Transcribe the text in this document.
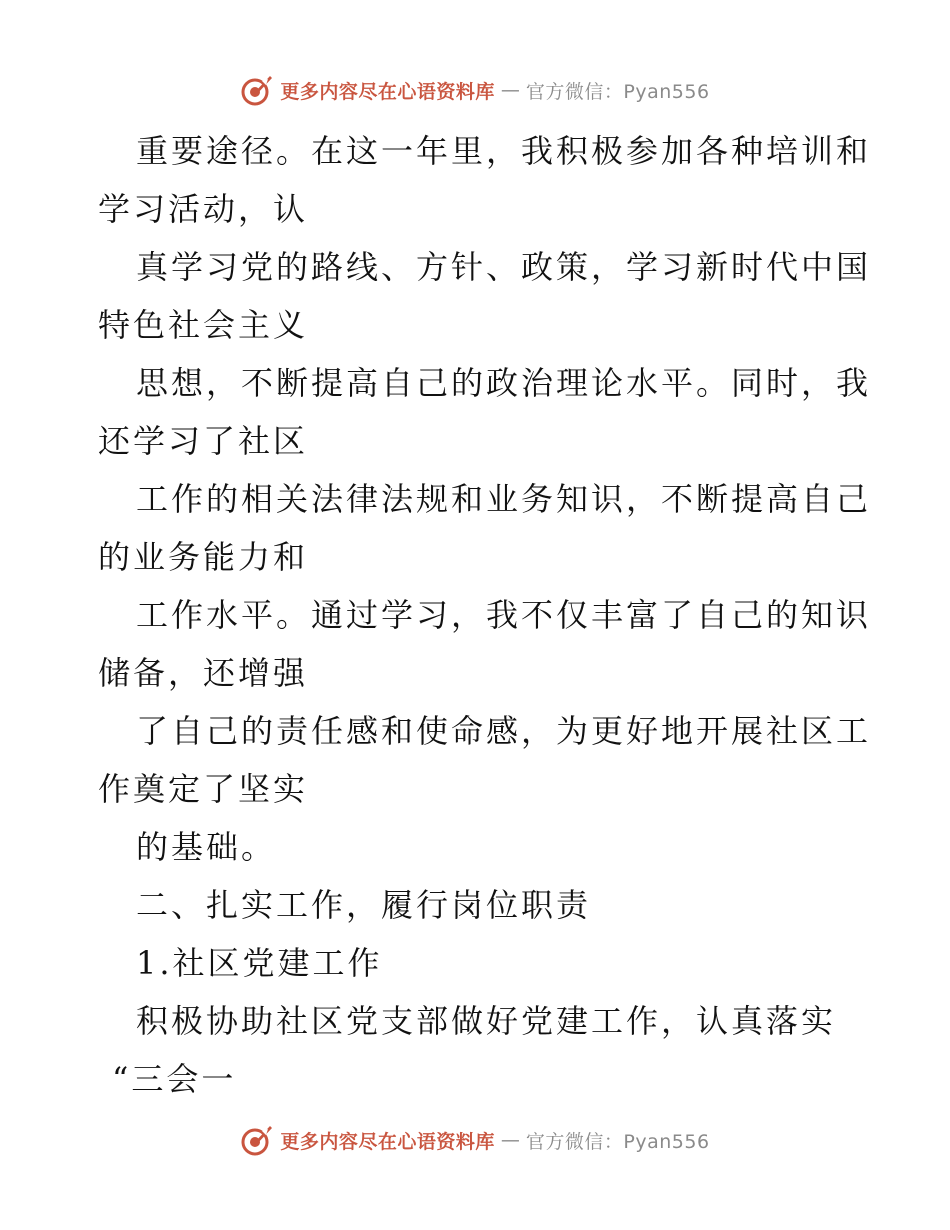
更多内容尽在心语资料库 — 官方微信：Pyan556
重要途径。在这一年里，我积极参加各种培训和
学习活动，认
真学习党的路线、方针、政策，学习新时代中国
特色社会主义
思想，不断提高自己的政治理论水平。同时，我
还学习了社区
工作的相关法律法规和业务知识，不断提高自己
的业务能力和
工作水平。通过学习，我不仅丰富了自己的知识
储备，还增强
了自己的责任感和使命感，为更好地开展社区工
作奠定了坚实
的基础。
二、扎实工作，履行岗位职责
1.社区党建工作
积极协助社区党支部做好党建工作，认真落实
“三会一
更多内容尽在心语资料库 — 官方微信：Pyan556
